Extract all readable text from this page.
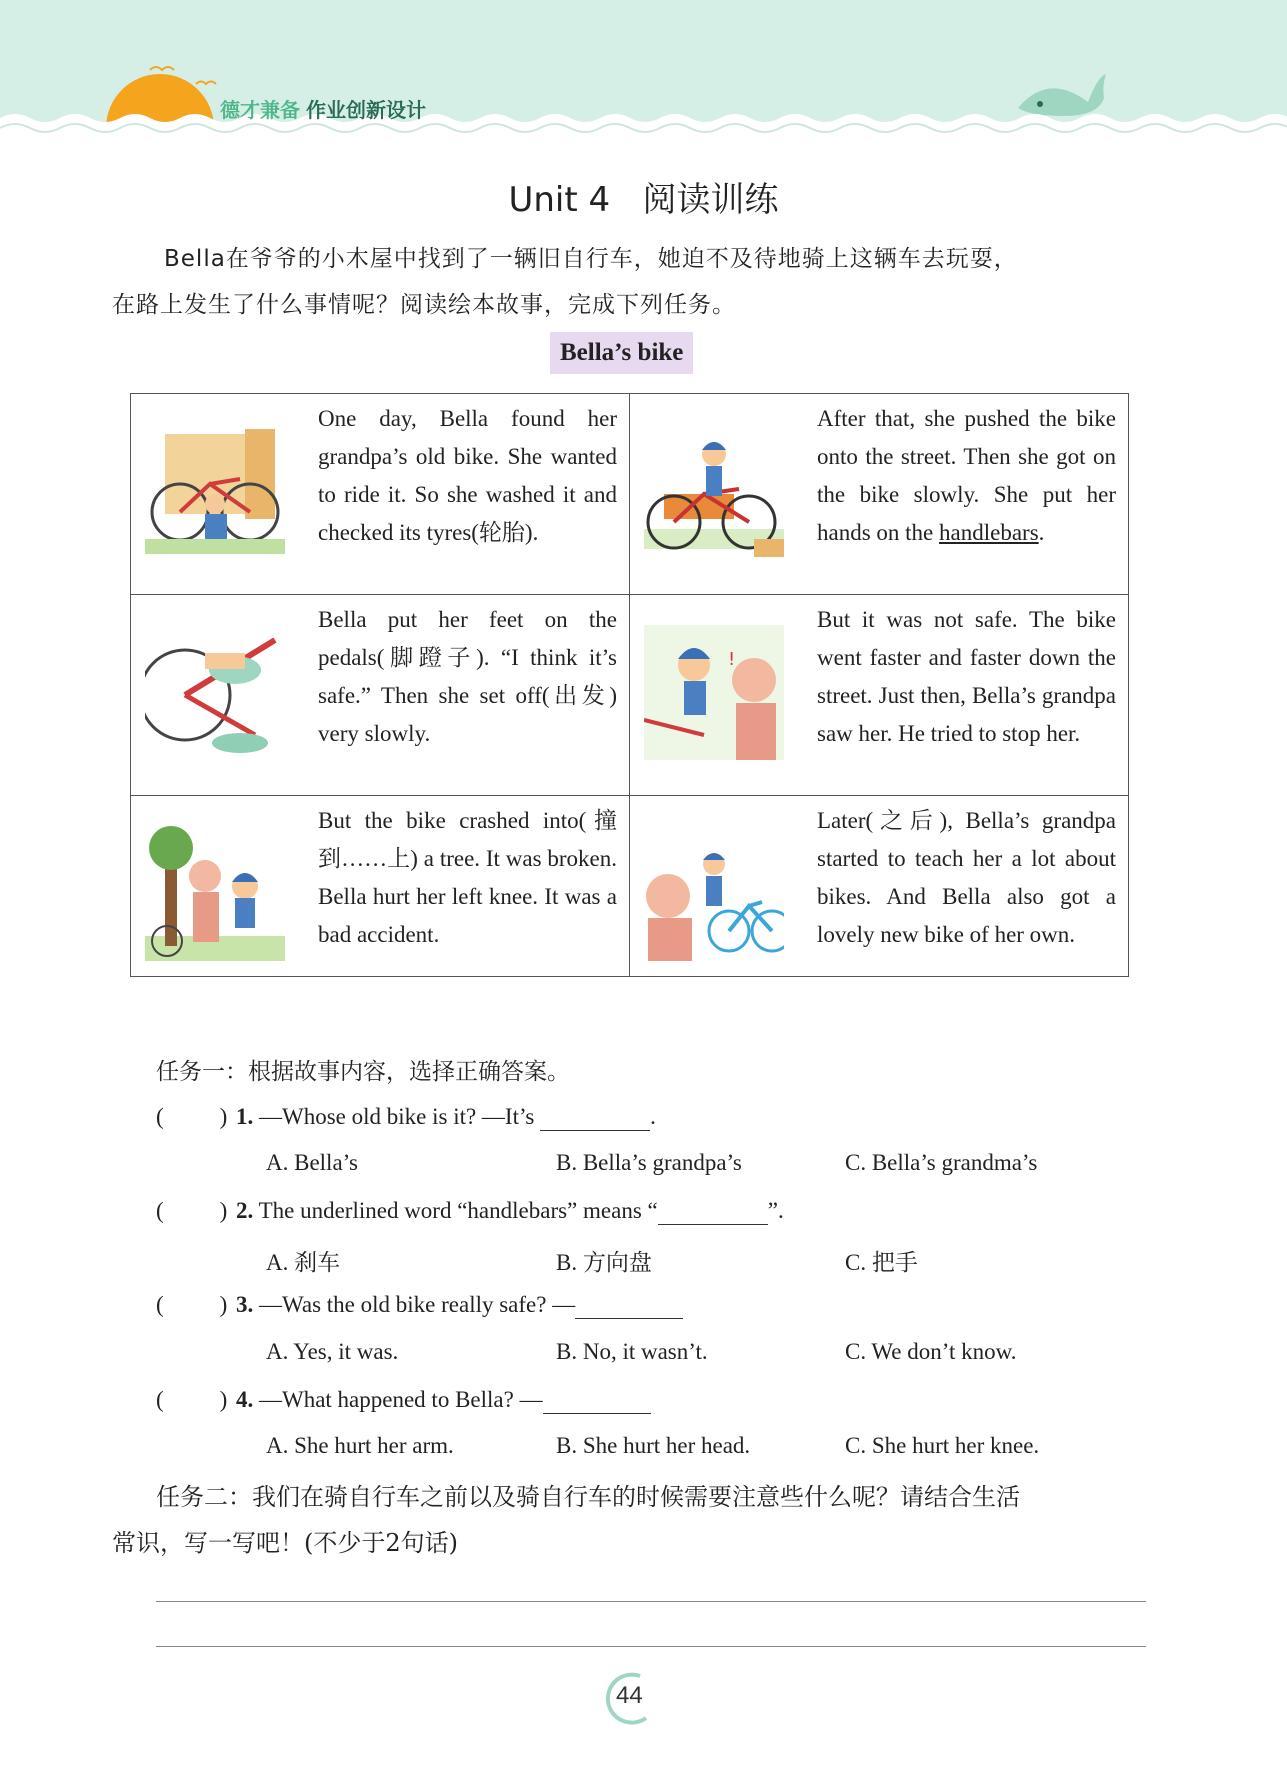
德才兼备 作业创新设计
Unit 4   阅读训练

Bella在爷爷的小木屋中找到了一辆旧自行车，她迫不及待地骑上这辆车去玩耍，

在路上发生了什么事情呢？阅读绘本故事，完成下列任务。

Bella’s bike
One day, Bella found her grandpa’s old bike. She wanted to ride it. So she washed it and checked its tyres(轮胎).	After that, she pushed the bike onto the street. Then she got on the bike slowly. She put her hands on the handlebars.

Bella put her feet on the pedals(脚蹬子). “I think it’s safe.” Then she set off(出发) very slowly.	!
But it was not safe. The bike went faster and faster down the street. Just then, Bella’s grandpa saw her. He tried to stop her.

But the bike crashed into(撞到……上) a tree. It was broken. Bella hurt her left knee. It was a bad accident.	Later(之后), Bella’s grandpa started to teach her a lot about bikes. And Bella also got a lovely new bike of her own.
任务一：根据故事内容，选择正确答案。
( ) 1. —Whose old bike is it? —It’s	.
A. Bella’s	B. Bella’s grandpa’s	C. Bella’s grandma’s
( ) 2. The underlined word “handlebars” means “	”.
A. 刹车	B. 方向盘	C. 把手
( ) 3. —Was the old bike really safe? —
A. Yes, it was.	B. No, it wasn’t.	C. We don’t know.
( ) 4. —What happened to Bella? —
A. She hurt her arm.	B. She hurt her head.	C. She hurt her knee.

任务二：我们在骑自行车之前以及骑自行车的时候需要注意些什么呢？请结合生活

常识，写一写吧！(不少于2句话)

44
